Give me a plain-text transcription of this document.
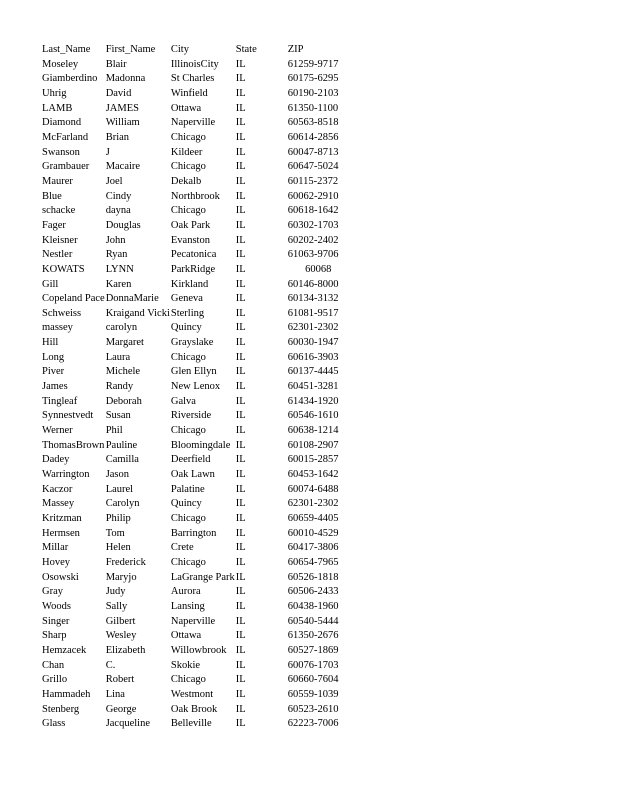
Last_Name	First_Name	City	State	ZIP
Moseley	Blair	IllinoisCity	IL	61259-9717
Giamberdino	Madonna	St Charles	IL	60175-6295
Uhrig	David	Winfield	IL	60190-2103
LAMB	JAMES	Ottawa	IL	61350-1100
Diamond	William	Naperville	IL	60563-8518
McFarland	Brian	Chicago	IL	60614-2856
Swanson	J	Kildeer	IL	60047-8713
Grambauer	Macaire	Chicago	IL	60647-5024
Maurer	Joel	Dekalb	IL	60115-2372
Blue	Cindy	Northbrook	IL	60062-2910
schacke	dayna	Chicago	IL	60618-1642
Fager	Douglas	Oak Park	IL	60302-1703
Kleisner	John	Evanston	IL	60202-2402
Nestler	Ryan	Pecatonica	IL	61063-9706
KOWATS	LYNN	ParkRidge	IL	60068
Gill	Karen	Kirkland	IL	60146-8000
Copeland Pace	DonnaMarie	Geneva	IL	60134-3132
Schweiss	Kraigand Vicki	Sterling	IL	61081-9517
massey	carolyn	Quincy	IL	62301-2302
Hill	Margaret	Grayslake	IL	60030-1947
Long	Laura	Chicago	IL	60616-3903
Piver	Michele	Glen Ellyn	IL	60137-4445
James	Randy	New Lenox	IL	60451-3281
Tingleaf	Deborah	Galva	IL	61434-1920
Synnestvedt	Susan	Riverside	IL	60546-1610
Werner	Phil	Chicago	IL	60638-1214
ThomasBrown	Pauline	Bloomingdale	IL	60108-2907
Dadey	Camilla	Deerfield	IL	60015-2857
Warrington	Jason	Oak Lawn	IL	60453-1642
Kaczor	Laurel	Palatine	IL	60074-6488
Massey	Carolyn	Quincy	IL	62301-2302
Kritzman	Philip	Chicago	IL	60659-4405
Hermsen	Tom	Barrington	IL	60010-4529
Millar	Helen	Crete	IL	60417-3806
Hovey	Frederick	Chicago	IL	60654-7965
Osowski	Maryjo	LaGrange Park	IL	60526-1818
Gray	Judy	Aurora	IL	60506-2433
Woods	Sally	Lansing	IL	60438-1960
Singer	Gilbert	Naperville	IL	60540-5444
Sharp	Wesley	Ottawa	IL	61350-2676
Hemzacek	Elizabeth	Willowbrook	IL	60527-1869
Chan	C.	Skokie	IL	60076-1703
Grillo	Robert	Chicago	IL	60660-7604
Hammadeh	Lina	Westmont	IL	60559-1039
Stenberg	George	Oak Brook	IL	60523-2610
Glass	Jacqueline	Belleville	IL	62223-7006
